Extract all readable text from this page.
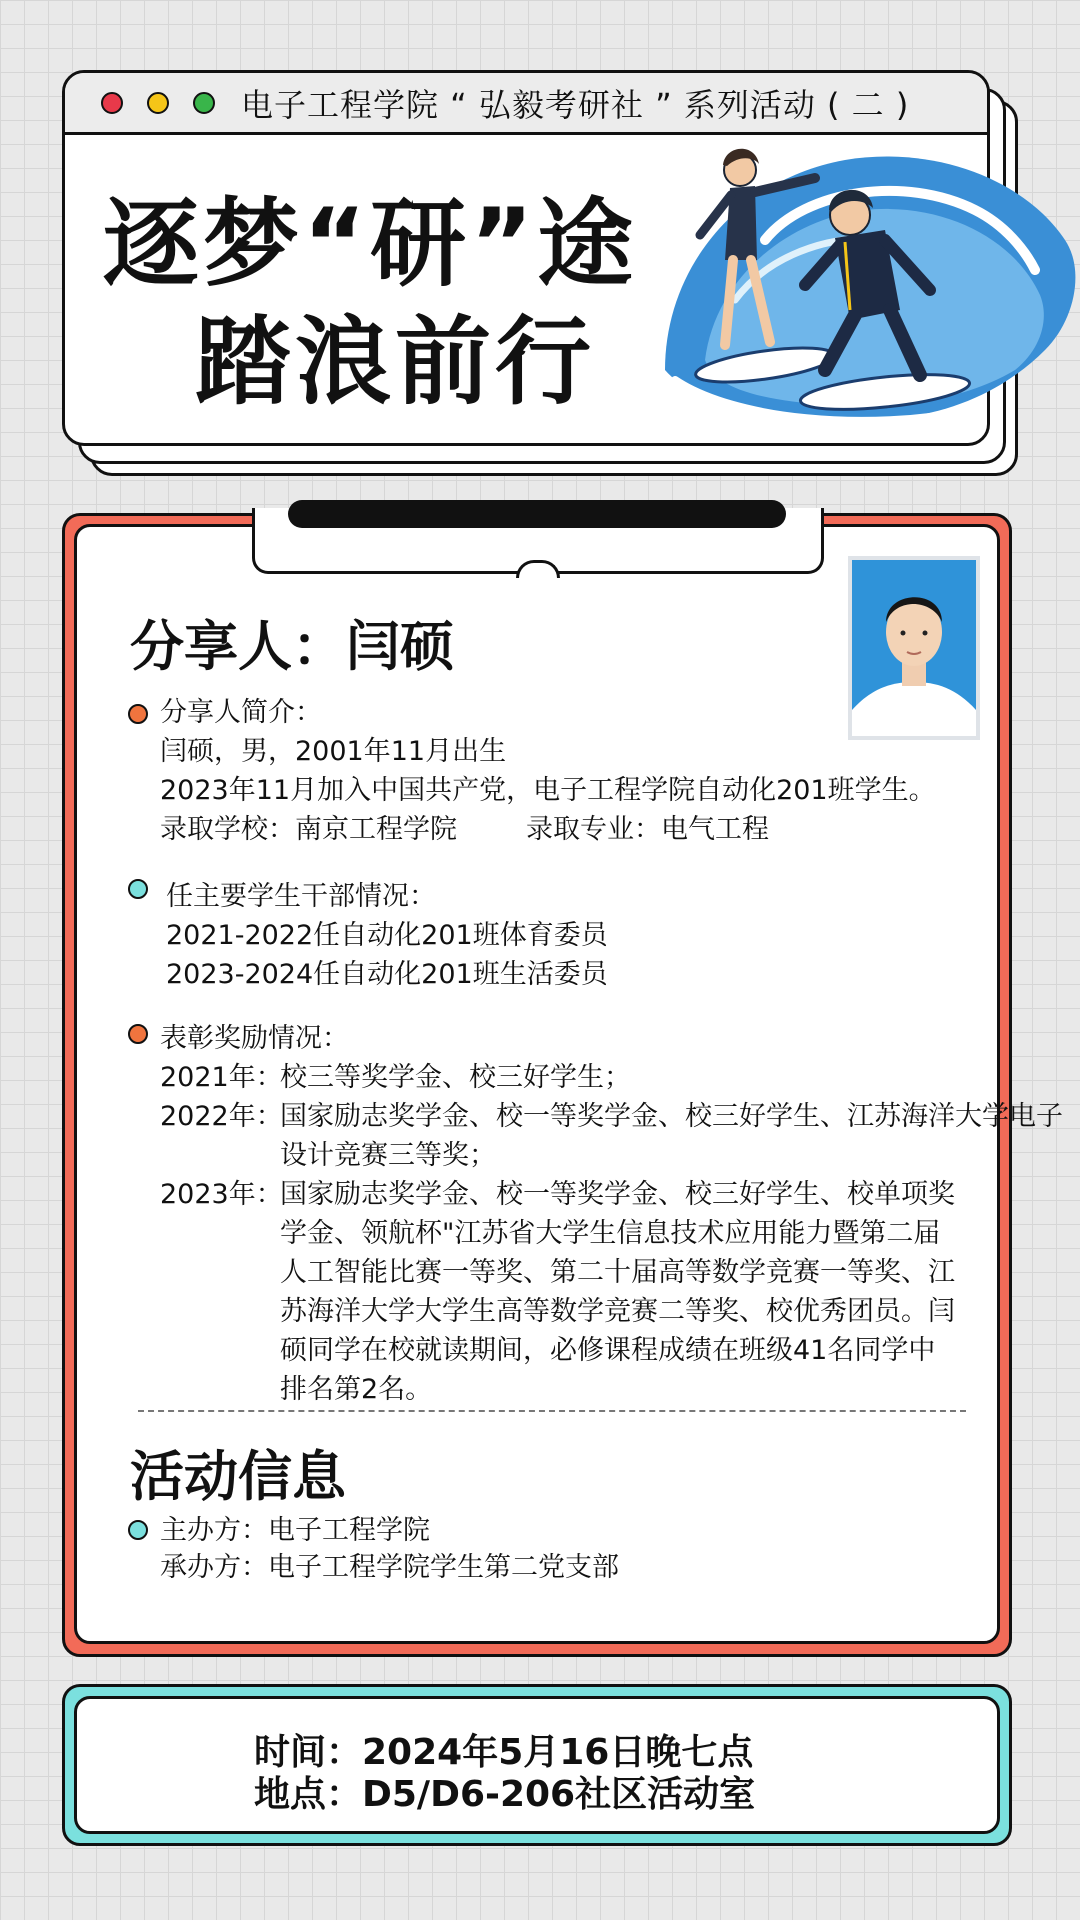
电子工程学院 “ 弘毅考研社 ” 系列活动 ( 二 )
逐梦“研”途
踏浪前行
分享人：闫硕
分享人简介：
闫硕，男，2001年11月出生
2023年11月加入中国共产党，电子工程学院自动化201班学生。
录取学校：南京工程学院	录取专业：电气工程
任主要学生干部情况：
2021-2022任自动化201班体育委员
2023-2024任自动化201班生活委员
表彰奖励情况：
2021年：
校三等奖学金、校三好学生；
2022年：
国家励志奖学金、校一等奖学金、校三好学生、江苏海洋大学电子设计竞赛三等奖；
2023年：
国家励志奖学金、校一等奖学金、校三好学生、校单项奖学金、领航杯"江苏省大学生信息技术应用能力暨第二届人工智能比赛一等奖、第二十届高等数学竞赛一等奖、江苏海洋大学大学生高等数学竞赛二等奖、校优秀团员。闫硕同学在校就读期间，必修课程成绩在班级41名同学中排名第2名。
活动信息
主办方：电子工程学院
承办方：电子工程学院学生第二党支部
时间：2024年5月16日晚七点
地点：D5/D6-206社区活动室
